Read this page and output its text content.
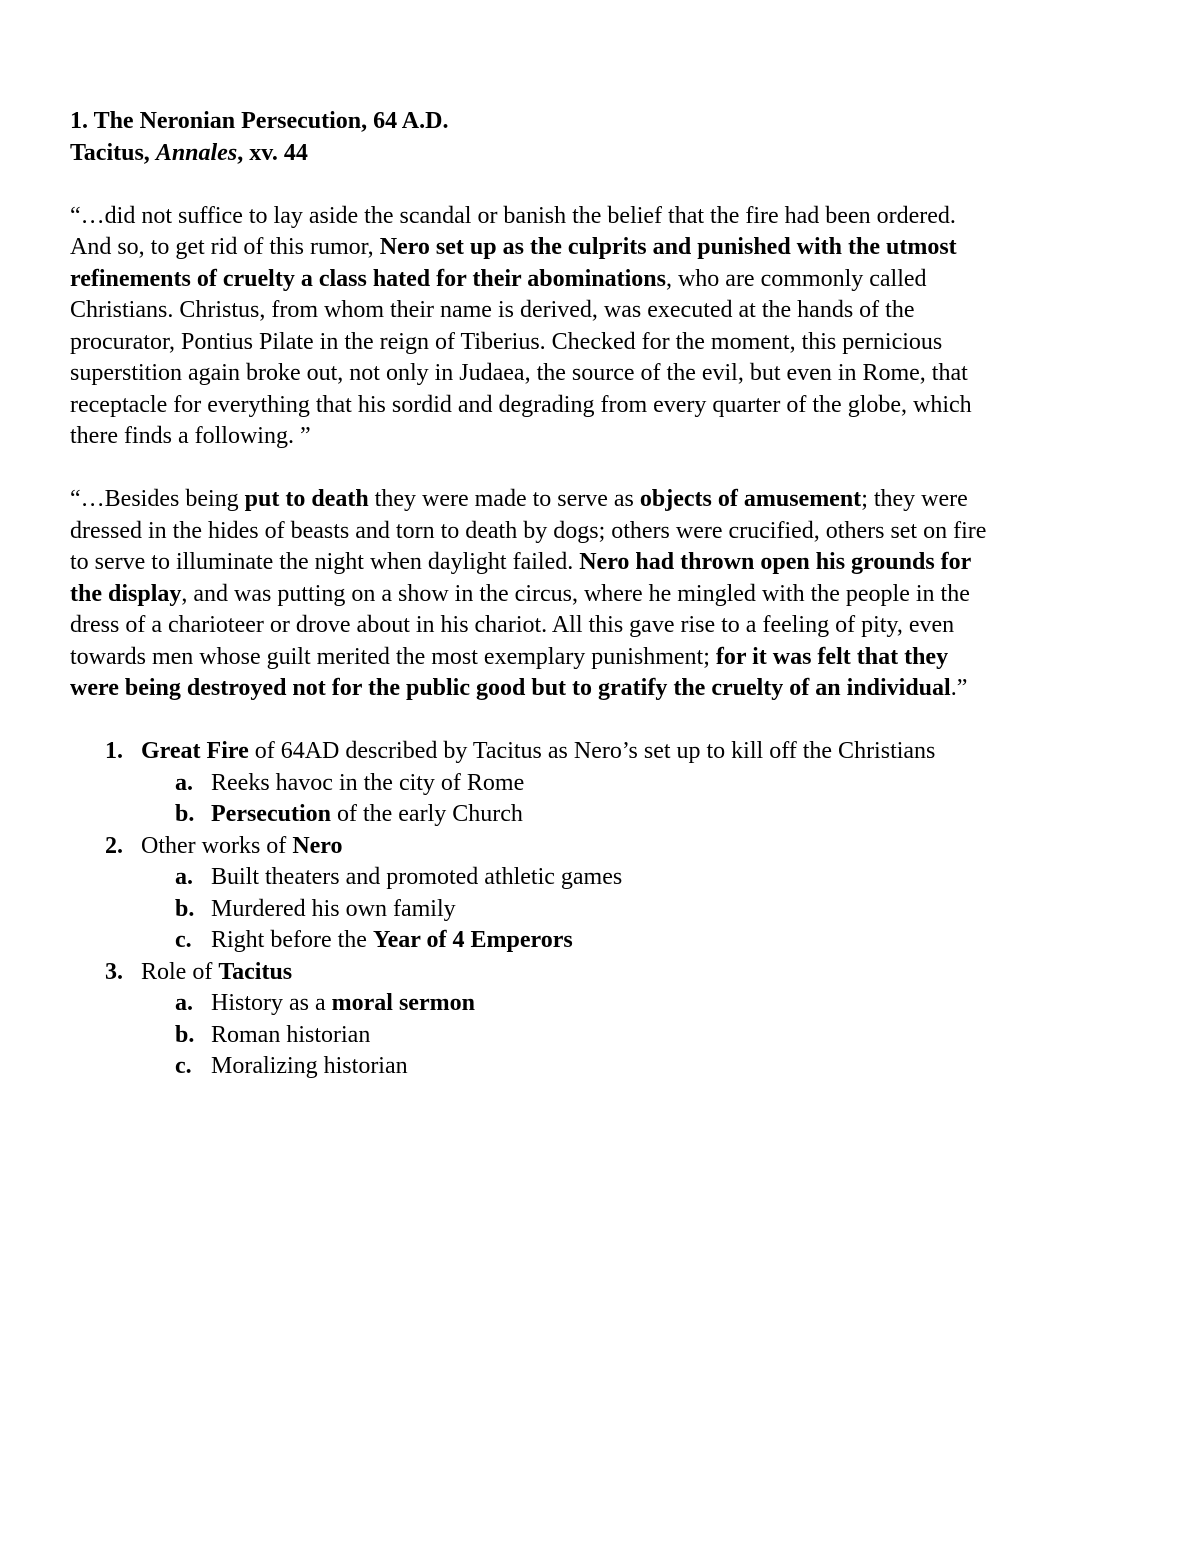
1. The Neronian Persecution, 64 A.D.
Tacitus, Annales, xv. 44
“…did not suffice to lay aside the scandal or banish the belief that the fire had been ordered.
And so, to get rid of this rumor, Nero set up as the culprits and punished with the utmost
refinements of cruelty a class hated for their abominations, who are commonly called
Christians. Christus, from whom their name is derived, was executed at the hands of the
procurator, Pontius Pilate in the reign of Tiberius. Checked for the moment, this pernicious
superstition again broke out, not only in Judaea, the source of the evil, but even in Rome, that
receptacle for everything that his sordid and degrading from every quarter of the globe, which
there finds a following. ”
“…Besides being put to death they were made to serve as objects of amusement; they were
dressed in the hides of beasts and torn to death by dogs; others were crucified, others set on fire
to serve to illuminate the night when daylight failed. Nero had thrown open his grounds for
the display, and was putting on a show in the circus, where he mingled with the people in the
dress of a charioteer or drove about in his chariot. All this gave rise to a feeling of pity, even
towards men whose guilt merited the most exemplary punishment; for it was felt that they
were being destroyed not for the public good but to gratify the cruelty of an individual.”
1. Great Fire of 64AD described by Tacitus as Nero’s set up to kill off the Christians
a. Reeks havoc in the city of Rome
b. Persecution of the early Church
2. Other works of Nero
a. Built theaters and promoted athletic games
b. Murdered his own family
c. Right before the Year of 4 Emperors
3. Role of Tacitus
a. History as a moral sermon
b. Roman historian
c. Moralizing historian
